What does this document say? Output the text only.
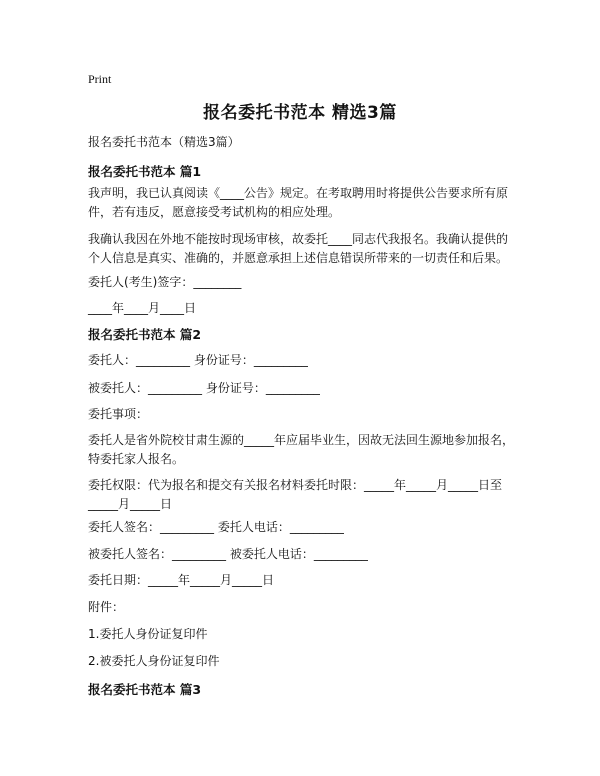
Print
报名委托书范本 精选3篇
报名委托书范本（精选3篇）
报名委托书范本 篇1
我声明，我已认真阅读《____公告》规定。在考取聘用时将提供公告要求所有原件，若有违反，愿意接受考试机构的相应处理。
我确认我因在外地不能按时现场审核，故委托____同志代我报名。我确认提供的个人信息是真实、准确的，并愿意承担上述信息错误所带来的一切责任和后果。
委托人(考生)签字：________
____年____月____日
报名委托书范本 篇2
委托人：_________ 身份证号：_________
被委托人：_________ 身份证号：_________
委托事项：
委托人是省外院校甘肃生源的_____年应届毕业生，因故无法回生源地参加报名，特委托家人报名。
委托权限：代为报名和提交有关报名材料委托时限：_____年_____月_____日至_____月_____日
委托人签名：_________ 委托人电话：_________
被委托人签名：_________ 被委托人电话：_________
委托日期：_____年_____月_____日
附件：
1.委托人身份证复印件
2.被委托人身份证复印件
报名委托书范本 篇3
